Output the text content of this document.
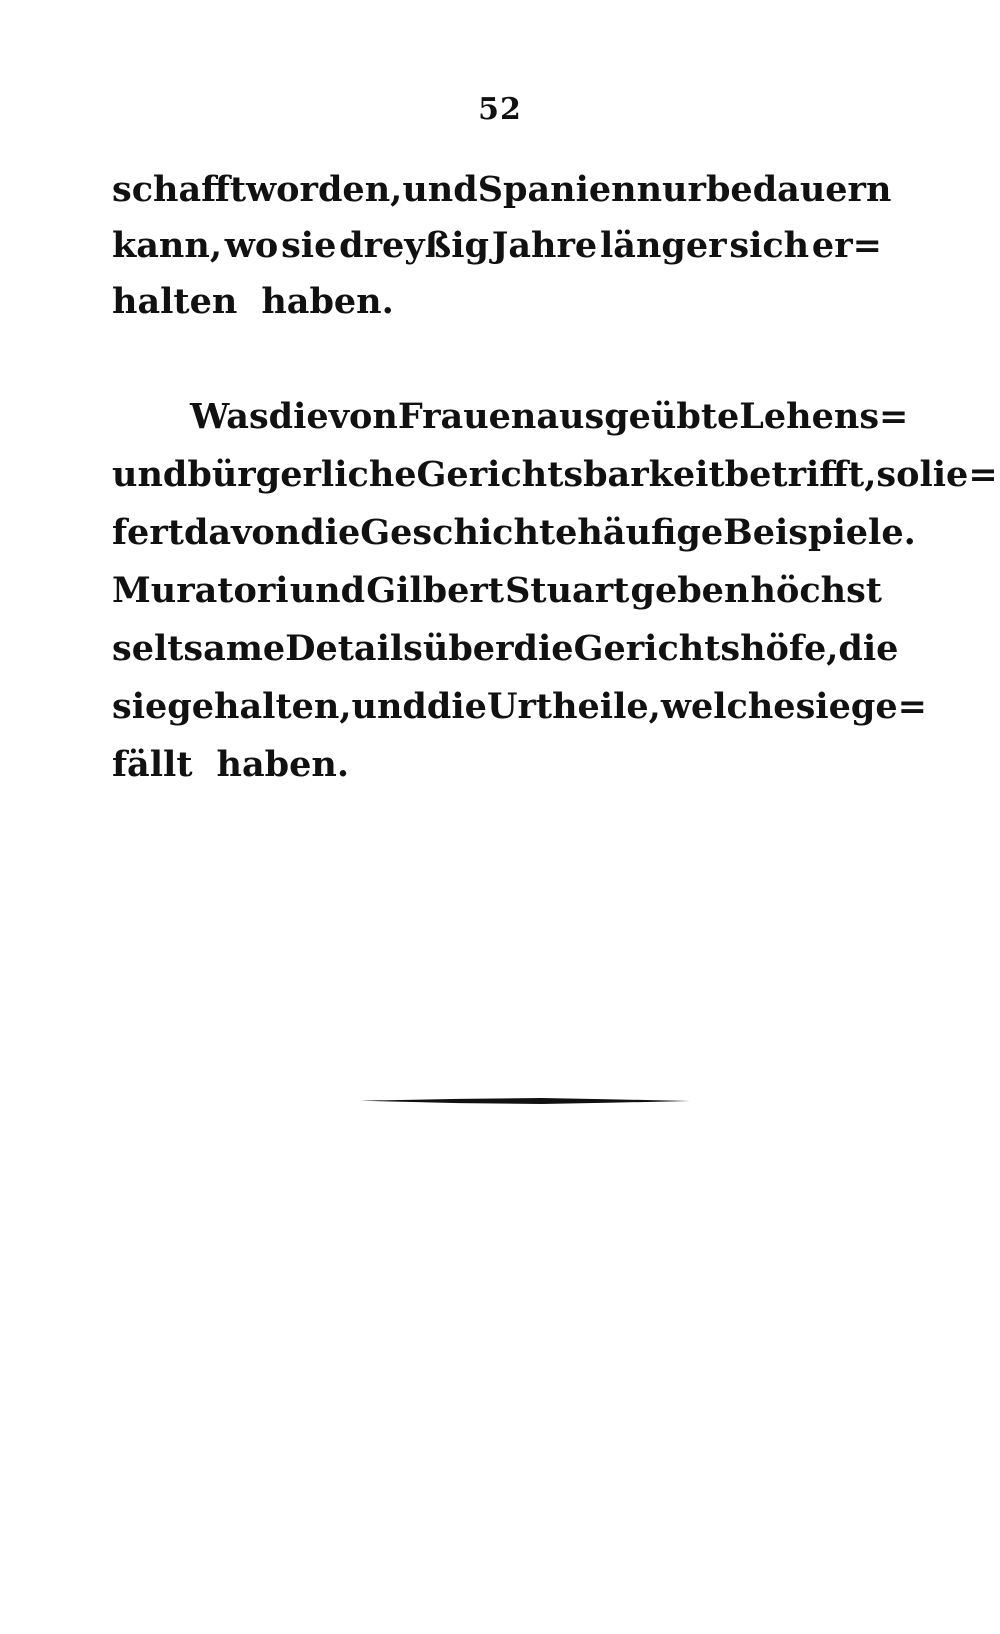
52
schafft worden, und Spanien nur bedauern
kann, wo sie dreyßig Jahre länger sich er=
halten haben.
Was die von Frauen ausgeübte Lehens=
und bürgerliche Gerichtsbarkeit betrifft, so lie=
fert davon die Geschichte häufige Beispiele.
Muratori und Gilbert Stuart geben höchst
seltsame Details über die Gerichtshöfe, die
sie gehalten, und die Urtheile, welche sie ge=
fällt haben.
